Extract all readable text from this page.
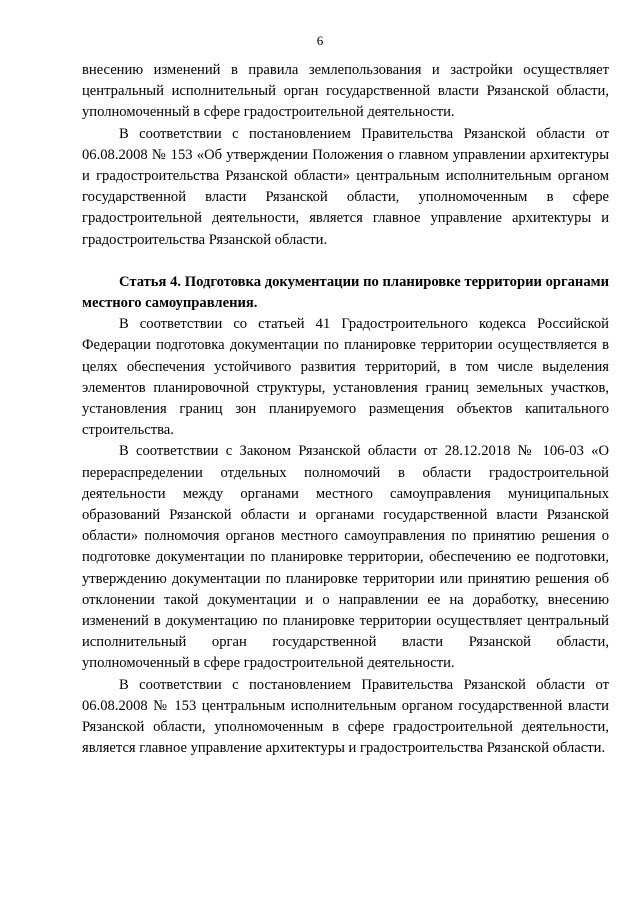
6

внесению изменений в правила землепользования и застройки осуществляет центральный исполнительный орган государственной власти Рязанской области, уполномоченный в сфере градостроительной деятельности.

В соответствии с постановлением Правительства Рязанской области от 06.08.2008 № 153 «Об утверждении Положения о главном управлении архитектуры и градостроительства Рязанской области» центральным исполнительным органом государственной власти Рязанской области, уполномоченным в сфере градостроительной деятельности, является главное управление архитектуры и градостроительства Рязанской области.

Статья 4. Подготовка документации по планировке территории органами местного самоуправления.

В соответствии со статьей 41 Градостроительного кодекса Российской Федерации подготовка документации по планировке территории осуществляется в целях обеспечения устойчивого развития территорий, в том числе выделения элементов планировочной структуры, установления границ земельных участков, установления границ зон планируемого размещения объектов капитального строительства.

В соответствии с Законом Рязанской области от 28.12.2018 № 106-03 «О перераспределении отдельных полномочий в области градостроительной деятельности между органами местного самоуправления муниципальных образований Рязанской области и органами государственной власти Рязанской области» полномочия органов местного самоуправления по принятию решения о подготовке документации по планировке территории, обеспечению ее подготовки, утверждению документации по планировке территории или принятию решения об отклонении такой документации и о направлении ее на доработку, внесению изменений в документацию по планировке территории осуществляет центральный исполнительный орган государственной власти Рязанской области, уполномоченный в сфере градостроительной деятельности.

В соответствии с постановлением Правительства Рязанской области от 06.08.2008 № 153 центральным исполнительным органом государственной власти Рязанской области, уполномоченным в сфере градостроительной деятельности, является главное управление архитектуры и градостроительства Рязанской области.
